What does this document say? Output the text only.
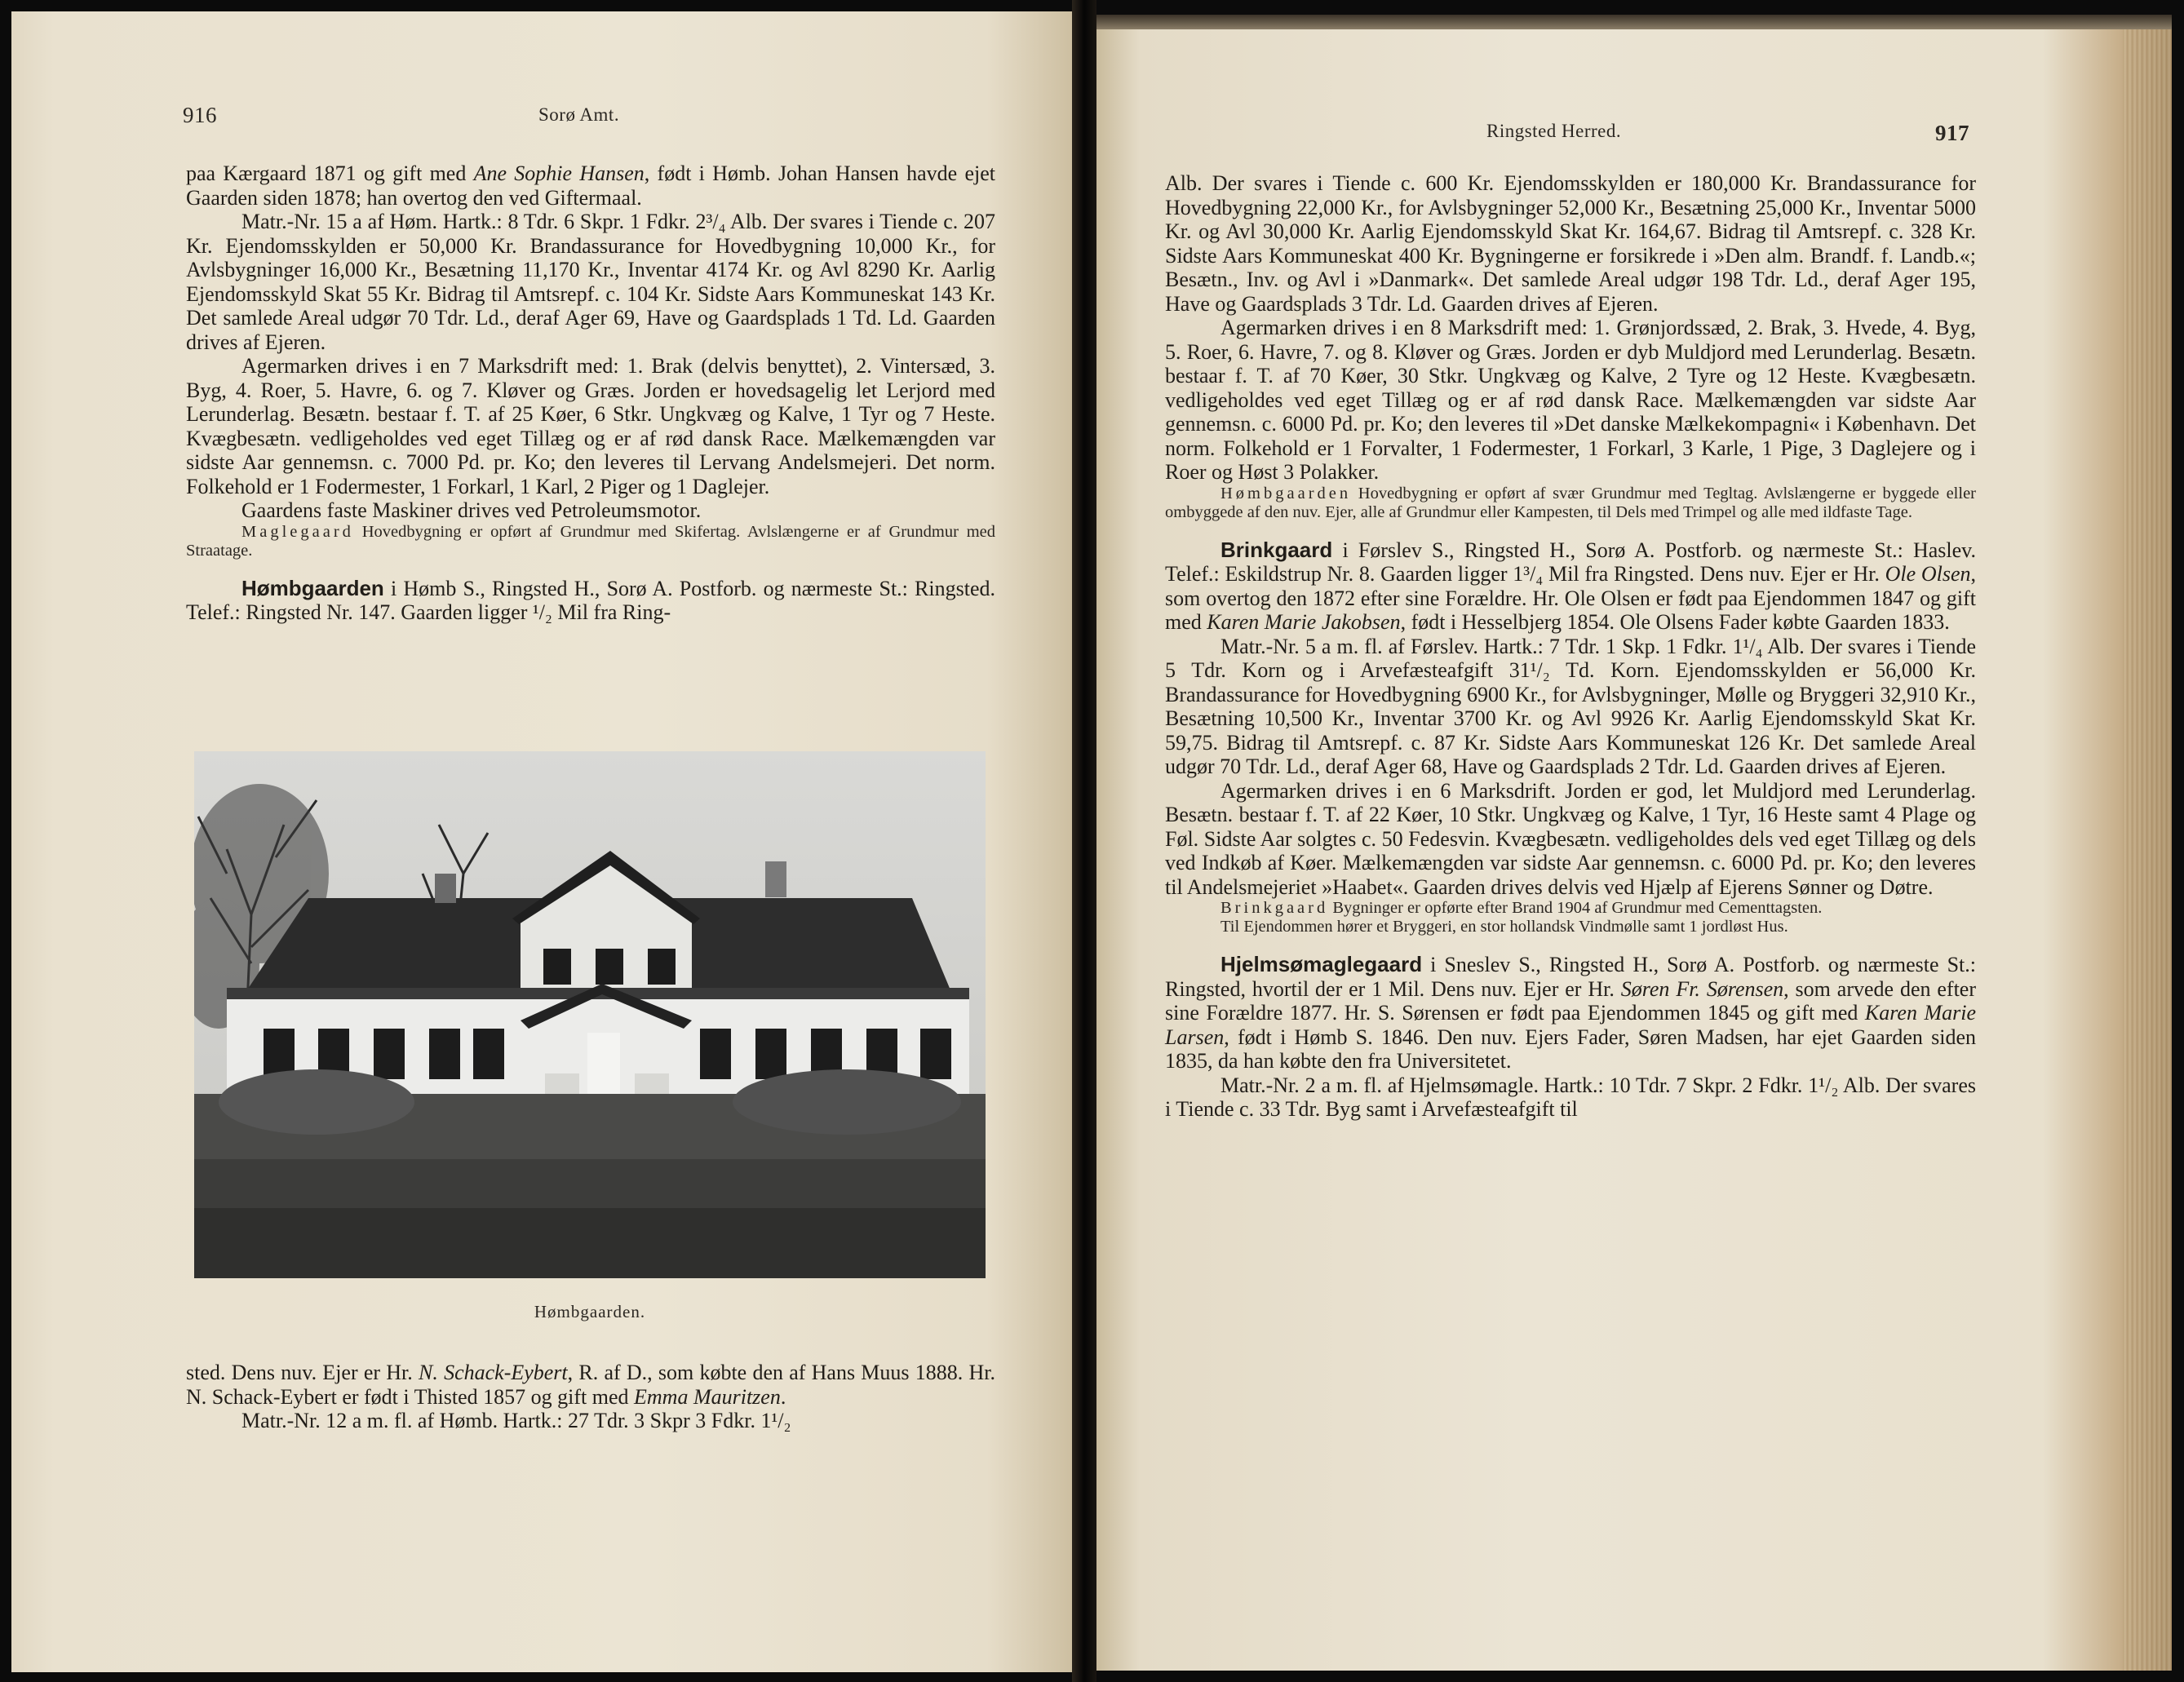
916	Sorø Amt.

paa Kærgaard 1871 og gift med Ane Sophie Hansen, født i Hømb. Johan Hansen havde ejet Gaarden siden 1878; han overtog den ved Giftermaal.

Matr.-Nr. 15 a af Høm. Hartk.: 8 Tdr. 6 Skpr. 1 Fdkr. 2³/₄ Alb. Der svares i Tiende c. 207 Kr. Ejendomsskylden er 50,000 Kr. Brandassurance for Hovedbygning 10,000 Kr., for Avlsbygninger 16,000 Kr., Besætning 11,170 Kr., Inventar 4174 Kr. og Avl 8290 Kr. Aarlig Ejendomsskyld Skat 55 Kr. Bidrag til Amtsrepf. c. 104 Kr. Sidste Aars Kommuneskat 143 Kr. Det samlede Areal udgør 70 Tdr. Ld., deraf Ager 69, Have og Gaardsplads 1 Td. Ld. Gaarden drives af Ejeren.

Agermarken drives i en 7 Marksdrift med: 1. Brak (delvis benyttet), 2. Vintersæd, 3. Byg, 4. Roer, 5. Havre, 6. og 7. Kløver og Græs. Jorden er hovedsagelig let Lerjord med Lerunderlag. Besætn. bestaar f. T. af 25 Køer, 6 Stkr. Ungkvæg og Kalve, 1 Tyr og 7 Heste. Kvægbesætn. vedligeholdes ved eget Tillæg og er af rød dansk Race. Mælkemængden var sidste Aar gennemsn. c. 7000 Pd. pr. Ko; den leveres til Lervang Andelsmejeri. Det norm. Folkehold er 1 Fodermester, 1 Forkarl, 1 Karl, 2 Piger og 1 Daglejer.

Gaardens faste Maskiner drives ved Petroleumsmotor.

Maglegaard Hovedbygning er opført af Grundmur med Skifertag. Avlslængerne er af Grundmur med Straatage.

Hømbgaarden i Hømb S., Ringsted H., Sorø A. Postforb. og nærmeste St.: Ringsted. Telef.: Ringsted Nr. 147. Gaarden ligger ¹/₂ Mil fra Ring-

Hømbgaarden.

sted. Dens nuv. Ejer er Hr. N. Schack-Eybert, R. af D., som købte den af Hans Muus 1888. Hr. N. Schack-Eybert er født i Thisted 1857 og gift med Emma Mauritzen.

Matr.-Nr. 12 a m. fl. af Hømb. Hartk.: 27 Tdr. 3 Skpr 3 Fdkr. 1¹/₂

Ringsted Herred.	917

Alb. Der svares i Tiende c. 600 Kr. Ejendomsskylden er 180,000 Kr. Brandassurance for Hovedbygning 22,000 Kr., for Avlsbygninger 52,000 Kr., Besætning 25,000 Kr., Inventar 5000 Kr. og Avl 30,000 Kr. Aarlig Ejendomsskyld Skat Kr. 164,67. Bidrag til Amtsrepf. c. 328 Kr. Sidste Aars Kommuneskat 400 Kr. Bygningerne er forsikrede i »Den alm. Brandf. f. Landb.«; Besætn., Inv. og Avl i »Danmark«. Det samlede Areal udgør 198 Tdr. Ld., deraf Ager 195, Have og Gaardsplads 3 Tdr. Ld. Gaarden drives af Ejeren.

Agermarken drives i en 8 Marksdrift med: 1. Grønjordssæd, 2. Brak, 3. Hvede, 4. Byg, 5. Roer, 6. Havre, 7. og 8. Kløver og Græs. Jorden er dyb Muldjord med Lerunderlag. Besætn. bestaar f. T. af 70 Køer, 30 Stkr. Ungkvæg og Kalve, 2 Tyre og 12 Heste. Kvægbesætn. vedligeholdes ved eget Tillæg og er af rød dansk Race. Mælkemængden var sidste Aar gennemsn. c. 6000 Pd. pr. Ko; den leveres til »Det danske Mælkekompagni« i København. Det norm. Folkehold er 1 Forvalter, 1 Fodermester, 1 Forkarl, 3 Karle, 1 Pige, 3 Daglejere og i Roer og Høst 3 Polakker.

Hømbgaarden Hovedbygning er opført af svær Grundmur med Tegltag. Avlslængerne er byggede eller ombyggede af den nuv. Ejer, alle af Grundmur eller Kampesten, til Dels med Trimpel og alle med ildfaste Tage.

Brinkgaard i Førslev S., Ringsted H., Sorø A. Postforb. og nærmeste St.: Haslev. Telef.: Eskildstrup Nr. 8. Gaarden ligger 1³/₄ Mil fra Ringsted. Dens nuv. Ejer er Hr. Ole Olsen, som overtog den 1872 efter sine Forældre. Hr. Ole Olsen er født paa Ejendommen 1847 og gift med Karen Marie Jakobsen, født i Hesselbjerg 1854. Ole Olsens Fader købte Gaarden 1833.

Matr.-Nr. 5 a m. fl. af Førslev. Hartk.: 7 Tdr. 1 Skp. 1 Fdkr. 1¹/₄ Alb. Der svares i Tiende 5 Tdr. Korn og i Arvefæsteafgift 31¹/₂ Td. Korn. Ejendomsskylden er 56,000 Kr. Brandassurance for Hovedbygning 6900 Kr., for Avlsbygninger, Mølle og Bryggeri 32,910 Kr., Besætning 10,500 Kr., Inventar 3700 Kr. og Avl 9926 Kr. Aarlig Ejendomsskyld Skat Kr. 59,75. Bidrag til Amtsrepf. c. 87 Kr. Sidste Aars Kommuneskat 126 Kr. Det samlede Areal udgør 70 Tdr. Ld., deraf Ager 68, Have og Gaardsplads 2 Tdr. Ld. Gaarden drives af Ejeren.

Agermarken drives i en 6 Marksdrift. Jorden er god, let Muldjord med Lerunderlag. Besætn. bestaar f. T. af 22 Køer, 10 Stkr. Ungkvæg og Kalve, 1 Tyr, 16 Heste samt 4 Plage og Føl. Sidste Aar solgtes c. 50 Fedesvin. Kvægbesætn. vedligeholdes dels ved eget Tillæg og dels ved Indkøb af Køer. Mælkemængden var sidste Aar gennemsn. c. 6000 Pd. pr. Ko; den leveres til Andelsmejeriet »Haabet«. Gaarden drives delvis ved Hjælp af Ejerens Sønner og Døtre.

Brinkgaard Bygninger er opførte efter Brand 1904 af Grundmur med Cementtagsten.

Til Ejendommen hører et Bryggeri, en stor hollandsk Vindmølle samt 1 jordløst Hus.

Hjelmsømaglegaard i Sneslev S., Ringsted H., Sorø A. Postforb. og nærmeste St.: Ringsted, hvortil der er 1 Mil. Dens nuv. Ejer er Hr. Søren Fr. Sørensen, som arvede den efter sine Forældre 1877. Hr. S. Sørensen er født paa Ejendommen 1845 og gift med Karen Marie Larsen, født i Hømb S. 1846. Den nuv. Ejers Fader, Søren Madsen, har ejet Gaarden siden 1835, da han købte den fra Universitetet.

Matr.-Nr. 2 a m. fl. af Hjelmsømagle. Hartk.: 10 Tdr. 7 Skpr. 2 Fdkr. 1¹/₂ Alb. Der svares i Tiende c. 33 Tdr. Byg samt i Arvefæsteafgift til
